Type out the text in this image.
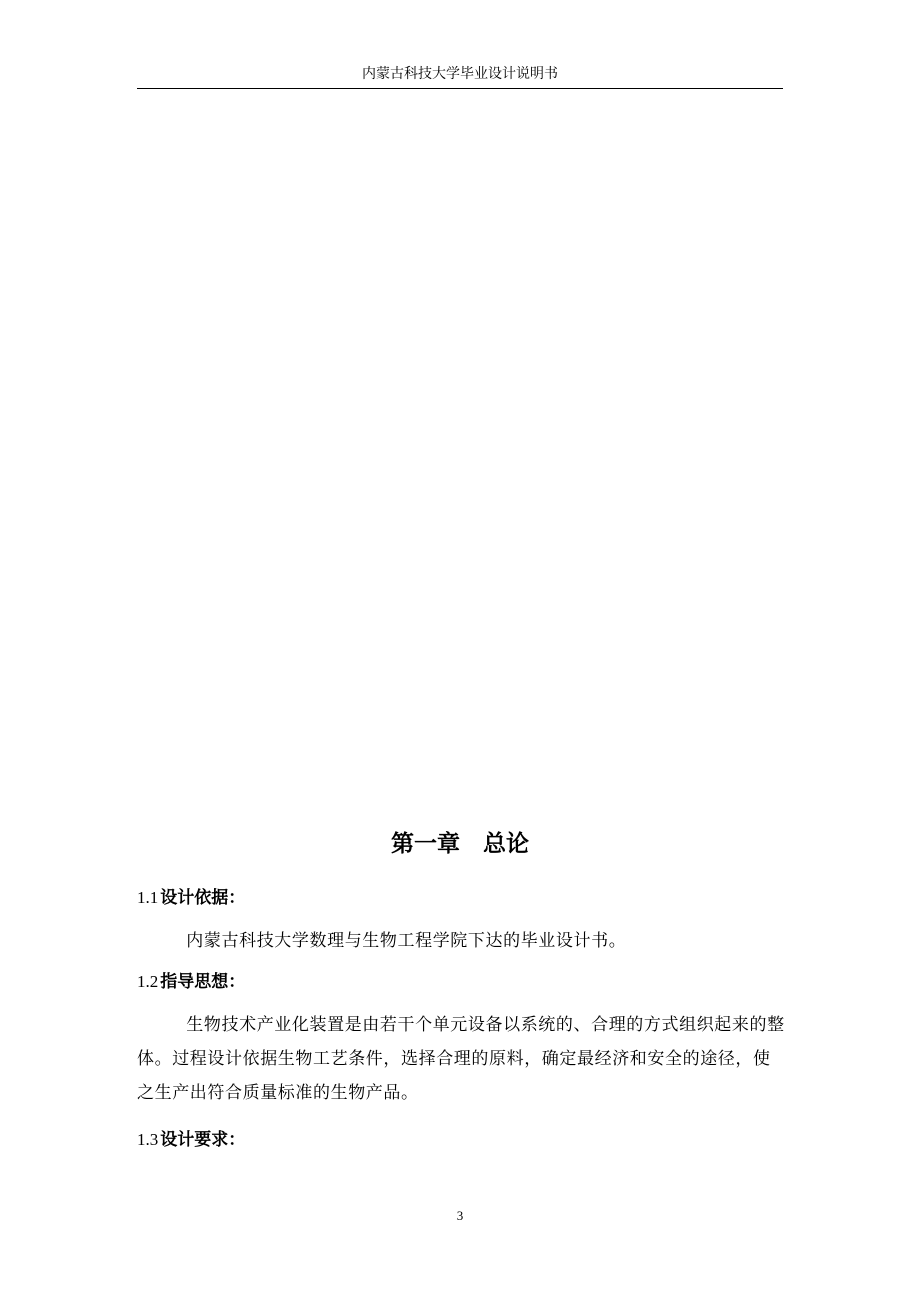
内蒙古科技大学毕业设计说明书
第一章　总论
1.1 设计依据：
内蒙古科技大学数理与生物工程学院下达的毕业设计书。
1.2 指导思想：
生物技术产业化装置是由若干个单元设备以系统的、合理的方式组织起来的整体。过程设计依据生物工艺条件，选择合理的原料，确定最经济和安全的途径，使之生产出符合质量标准的生物产品。
1.3 设计要求：
3
